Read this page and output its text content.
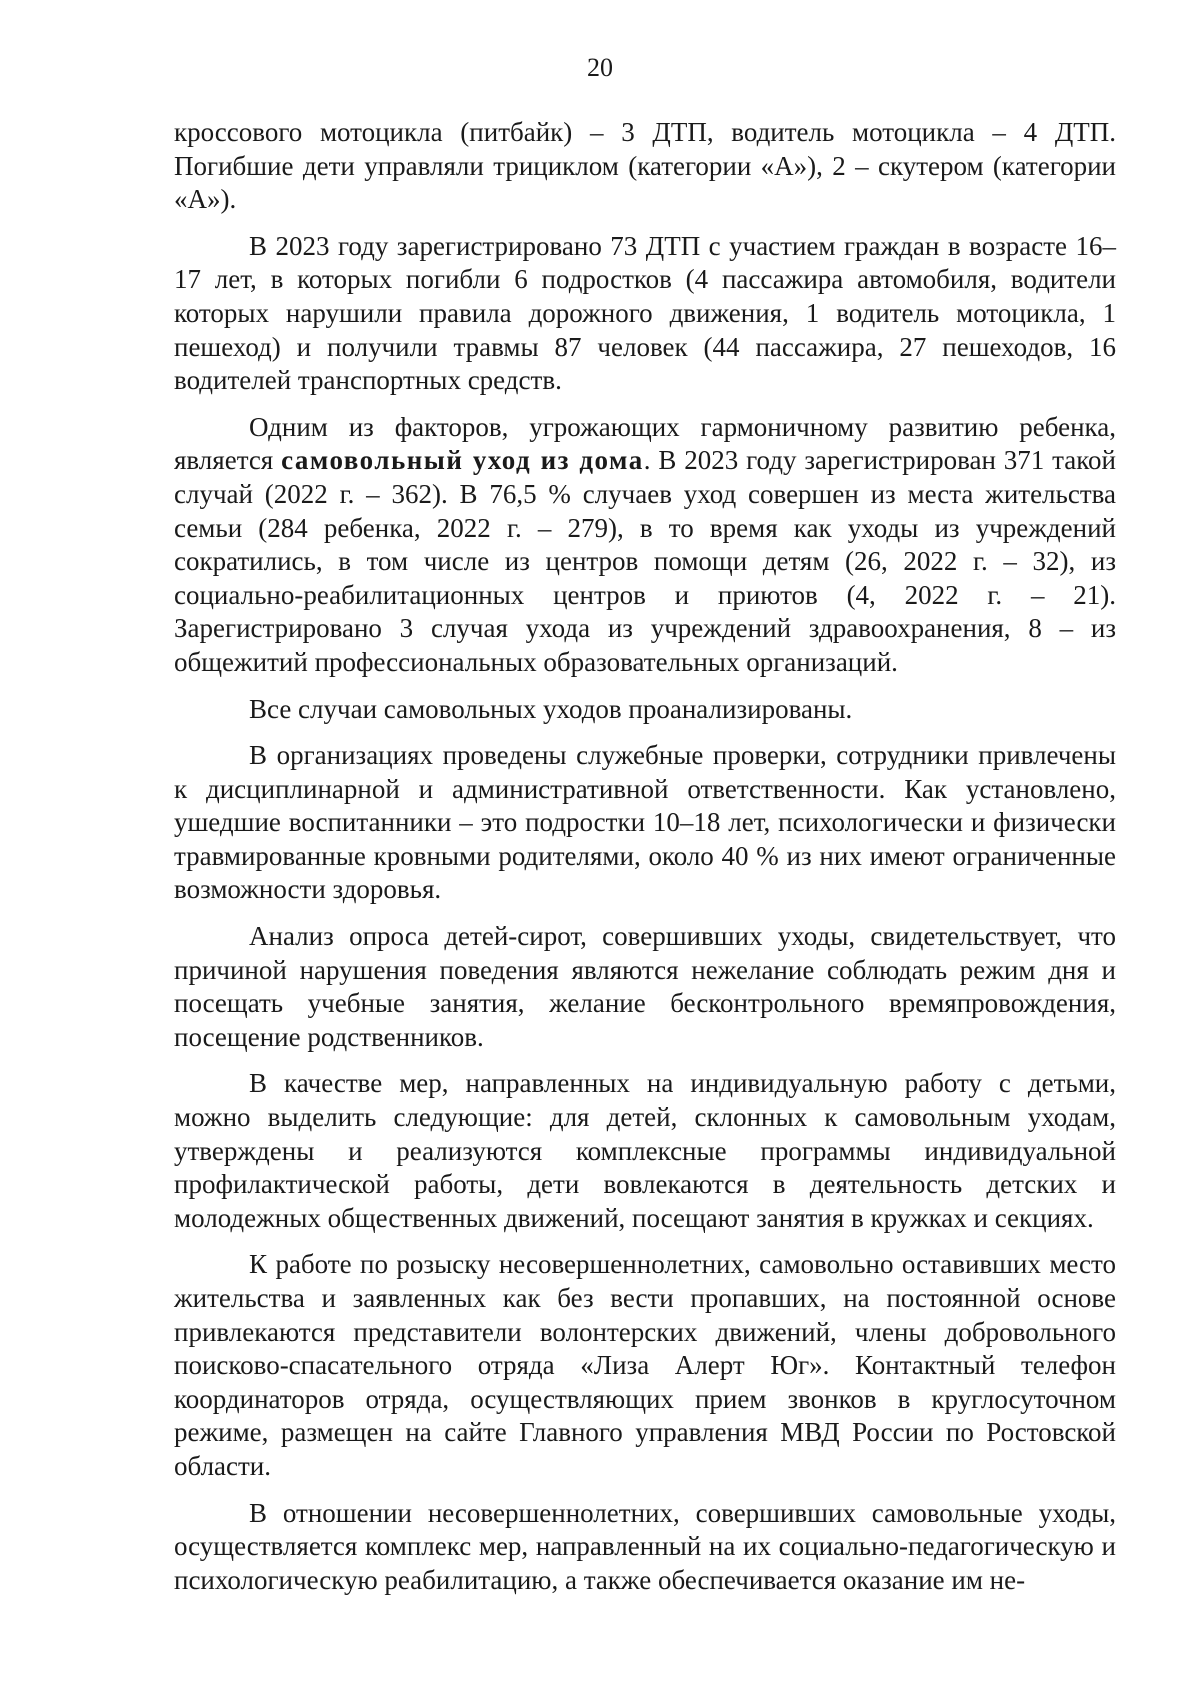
20

кроссового мотоцикла (питбайк) – 3 ДТП, водитель мотоцикла – 4 ДТП. Погибшие дети управляли трициклом (категории «А»), 2 – скутером (категории «А»).

В 2023 году зарегистрировано 73 ДТП с участием граждан в возрасте 16–17 лет, в которых погибли 6 подростков (4 пассажира автомобиля, водители которых нарушили правила дорожного движения, 1 водитель мотоцикла, 1 пешеход) и получили травмы 87 человек (44 пассажира, 27 пешеходов, 16 водителей транспортных средств.

Одним из факторов, угрожающих гармоничному развитию ребенка, является самовольный уход из дома. В 2023 году зарегистрирован 371 такой случай (2022 г. – 362). В 76,5 % случаев уход совершен из места жительства семьи (284 ребенка, 2022 г. – 279), в то время как уходы из учреждений сократились, в том числе из центров помощи детям (26, 2022 г. – 32), из социально-реабилитационных центров и приютов (4, 2022 г. – 21). Зарегистрировано 3 случая ухода из учреждений здравоохранения, 8 – из общежитий профессиональных образовательных организаций.

Все случаи самовольных уходов проанализированы.

В организациях проведены служебные проверки, сотрудники привлечены к дисциплинарной и административной ответственности. Как установлено, ушедшие воспитанники – это подростки 10–18 лет, психологически и физически травмированные кровными родителями, около 40 % из них имеют ограниченные возможности здоровья.

Анализ опроса детей-сирот, совершивших уходы, свидетельствует, что причиной нарушения поведения являются нежелание соблюдать режим дня и посещать учебные занятия, желание бесконтрольного времяпровождения, посещение родственников.

В качестве мер, направленных на индивидуальную работу с детьми, можно выделить следующие: для детей, склонных к самовольным уходам, утверждены и реализуются комплексные программы индивидуальной профилактической работы, дети вовлекаются в деятельность детских и молодежных общественных движений, посещают занятия в кружках и секциях.

К работе по розыску несовершеннолетних, самовольно оставивших место жительства и заявленных как без вести пропавших, на постоянной основе привлекаются представители волонтерских движений, члены добровольного поисково-спасательного отряда «Лиза Алерт Юг». Контактный телефон координаторов отряда, осуществляющих прием звонков в круглосуточном режиме, размещен на сайте Главного управления МВД России по Ростовской области.

В отношении несовершеннолетних, совершивших самовольные уходы, осуществляется комплекс мер, направленный на их социально-педагогическую и психологическую реабилитацию, а также обеспечивается оказание им не-
